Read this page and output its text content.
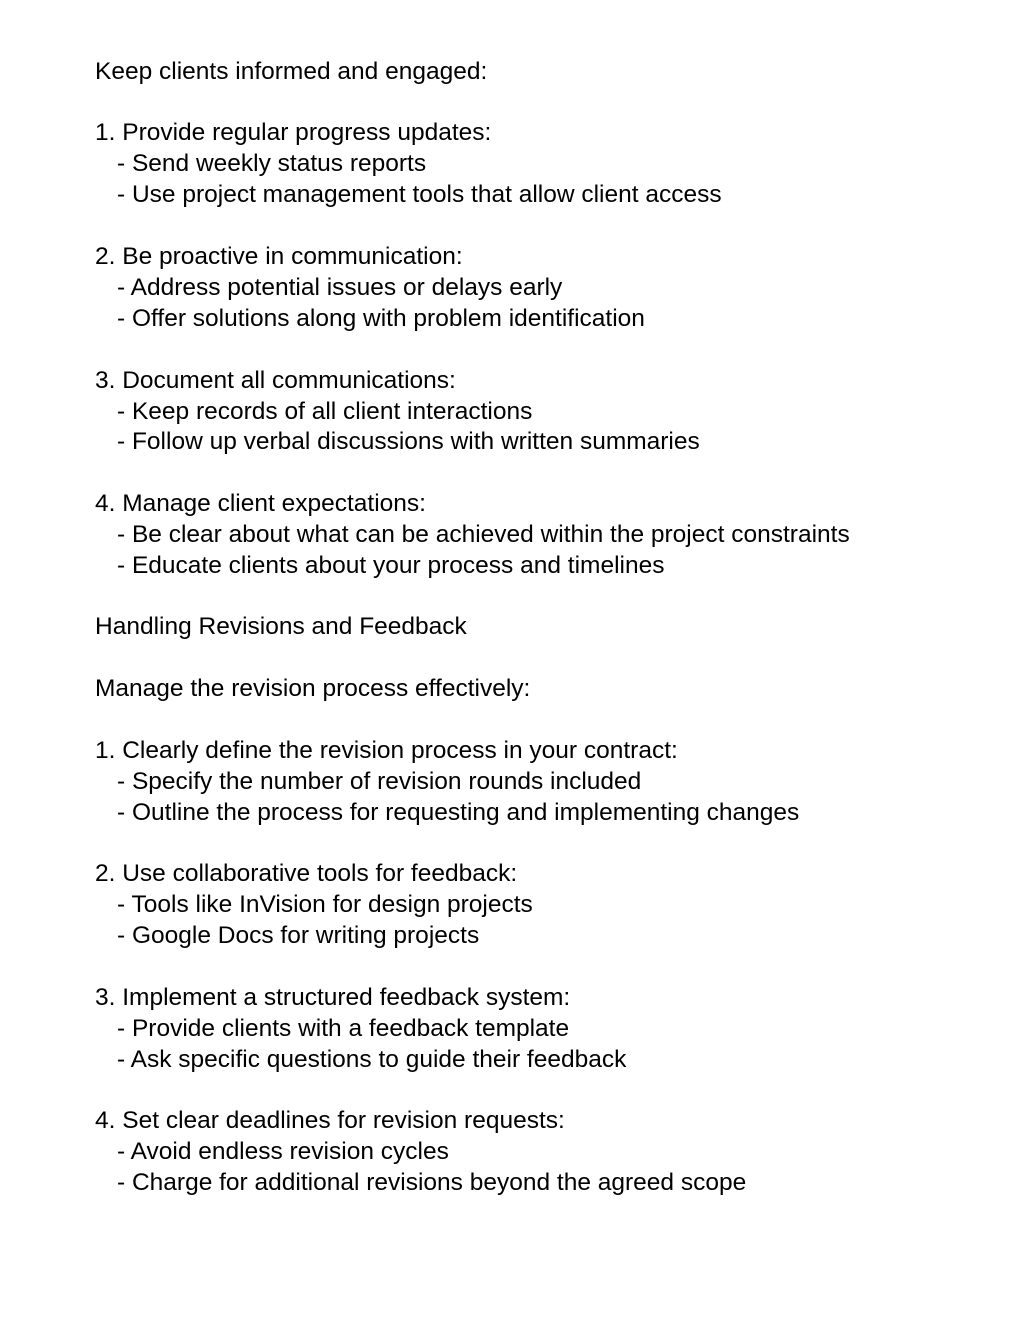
Keep clients informed and engaged:
1. Provide regular progress updates:
- Send weekly status reports
- Use project management tools that allow client access
2. Be proactive in communication:
- Address potential issues or delays early
- Offer solutions along with problem identification
3. Document all communications:
- Keep records of all client interactions
- Follow up verbal discussions with written summaries
4. Manage client expectations:
- Be clear about what can be achieved within the project constraints
- Educate clients about your process and timelines
Handling Revisions and Feedback
Manage the revision process effectively:
1. Clearly define the revision process in your contract:
- Specify the number of revision rounds included
- Outline the process for requesting and implementing changes
2. Use collaborative tools for feedback:
- Tools like InVision for design projects
- Google Docs for writing projects
3. Implement a structured feedback system:
- Provide clients with a feedback template
- Ask specific questions to guide their feedback
4. Set clear deadlines for revision requests:
- Avoid endless revision cycles
- Charge for additional revisions beyond the agreed scope
